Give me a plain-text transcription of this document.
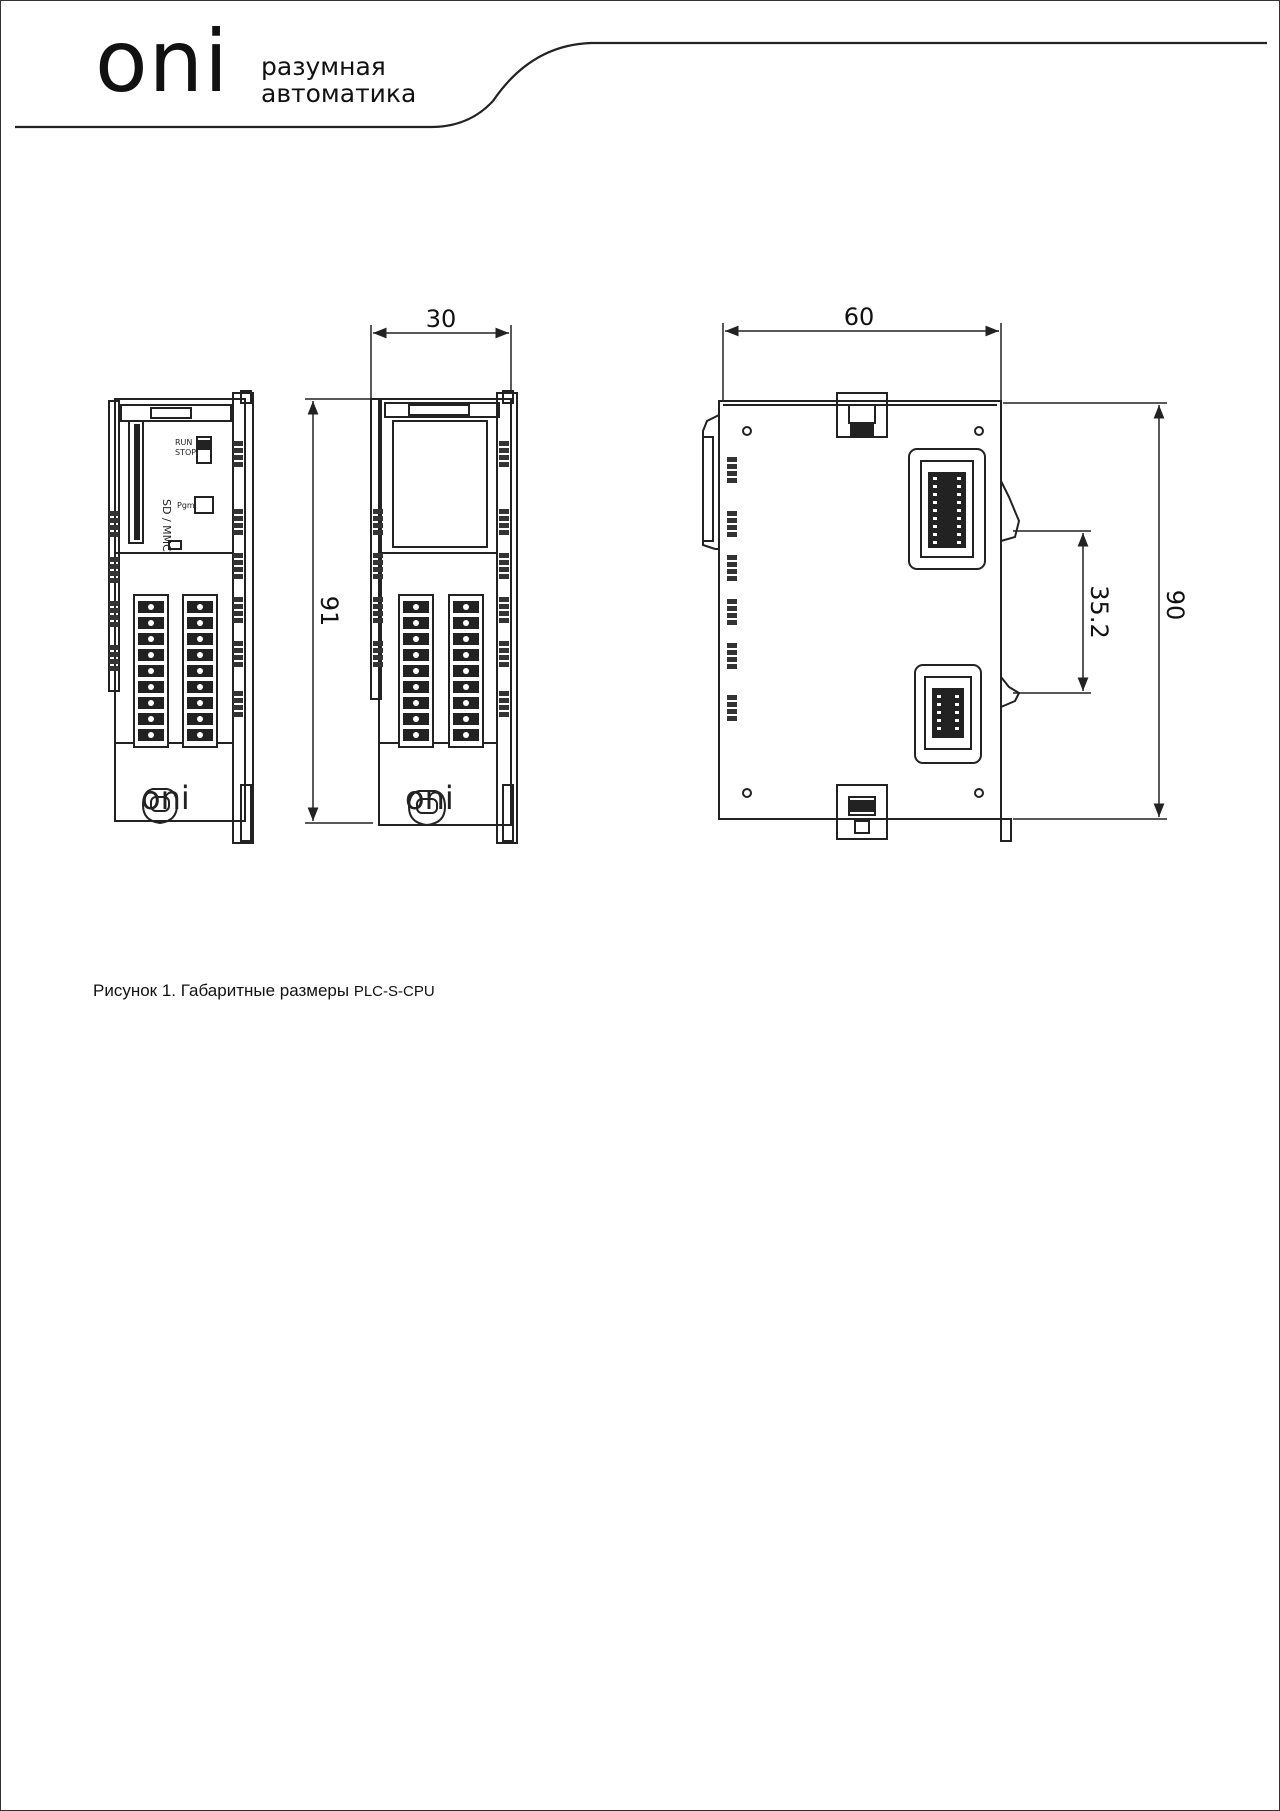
oni разумная
автоматика
SD / MMC
RUN
STOP
Pgm
oni	oni
30
91
60
90
35.2
Рисунок 1. Габаритные размеры PLC-S-CPU
